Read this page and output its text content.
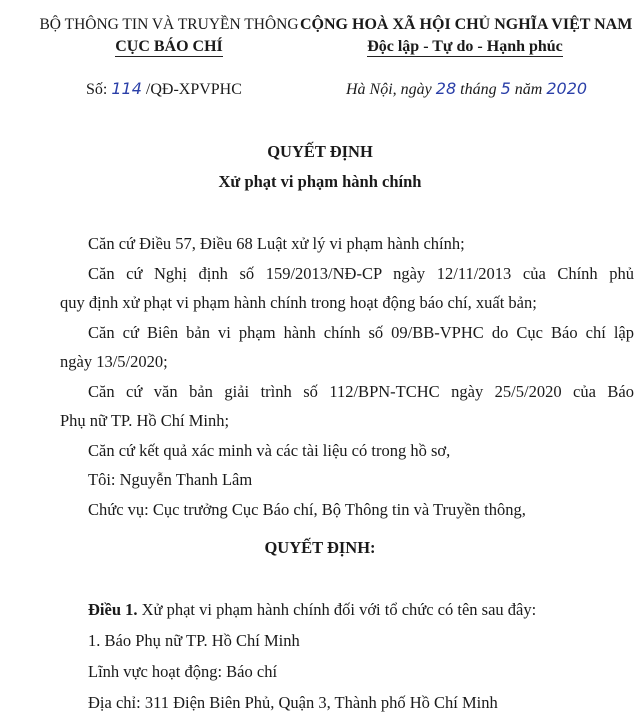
BỘ THÔNG TIN VÀ TRUYỀN THÔNG
CỤC BÁO CHÍ
CỘNG HOÀ XÃ HỘI CHỦ NGHĨA VIỆT NAM
Độc lập - Tự do - Hạnh phúc
Số: 114 /QĐ-XPVPHC	Hà Nội, ngày 28 tháng 5 năm 2020
QUYẾT ĐỊNH
Xử phạt vi phạm hành chính
Căn cứ Điều 57, Điều 68 Luật xử lý vi phạm hành chính;
Căn cứ Nghị định số 159/2013/NĐ-CP ngày 12/11/2013 của Chính phủ
quy định xử phạt vi phạm hành chính trong hoạt động báo chí, xuất bản;
Căn cứ Biên bản vi phạm hành chính số 09/BB-VPHC do Cục Báo chí lập
ngày 13/5/2020;
Căn cứ văn bản giải trình số 112/BPN-TCHC ngày 25/5/2020 của Báo
Phụ nữ TP. Hồ Chí Minh;
Căn cứ kết quả xác minh và các tài liệu có trong hồ sơ,
Tôi: Nguyễn Thanh Lâm
Chức vụ: Cục trưởng Cục Báo chí, Bộ Thông tin và Truyền thông,
QUYẾT ĐỊNH:
Điều 1. Xử phạt vi phạm hành chính đối với tổ chức có tên sau đây:
1. Báo Phụ nữ TP. Hồ Chí Minh
Lĩnh vực hoạt động: Báo chí
Địa chỉ: 311 Điện Biên Phủ, Quận 3, Thành phố Hồ Chí Minh
